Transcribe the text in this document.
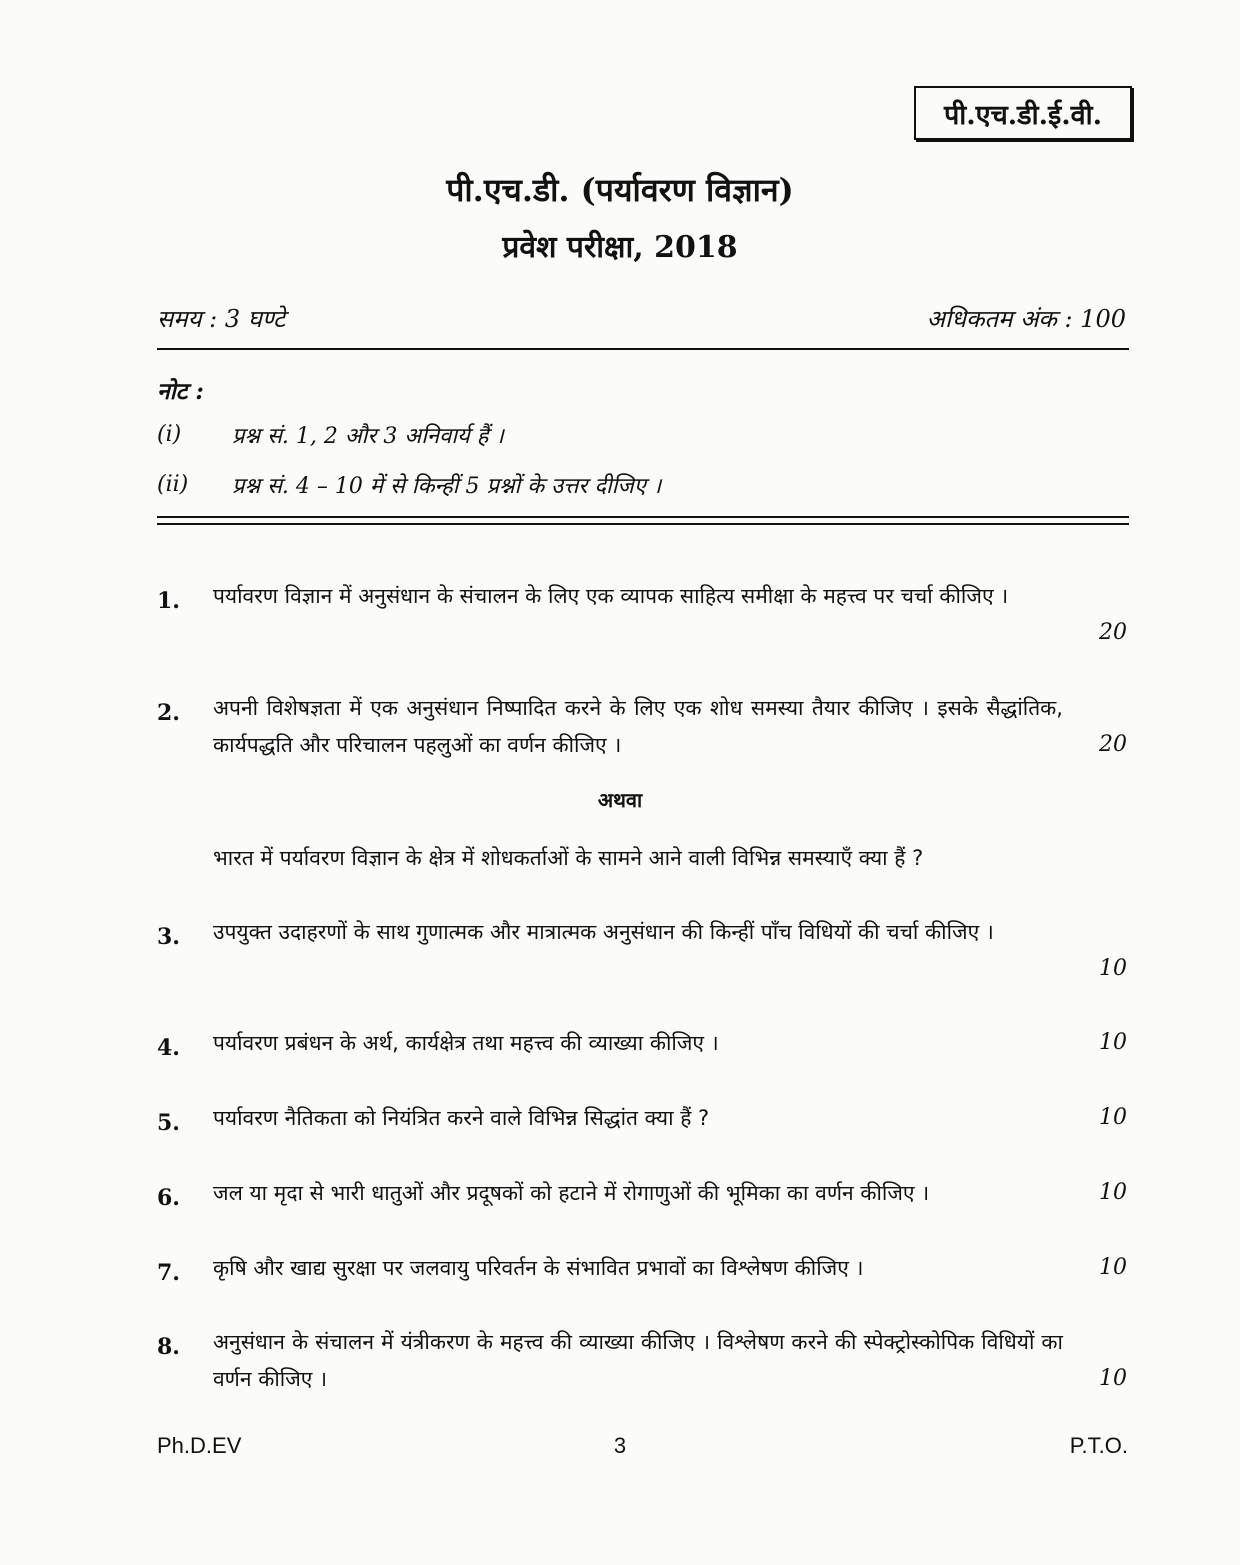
पी.एच.डी.ई.वी.
पी.एच.डी. (पर्यावरण विज्ञान)
प्रवेश परीक्षा, 2018
समय : 3 घण्टे	अधिकतम अंक : 100
नोट :
(i) प्रश्न सं. 1, 2 और 3 अनिवार्य हैं ।
(ii) प्रश्न सं. 4 – 10 में से किन्हीं 5 प्रश्नों के उत्तर दीजिए ।
1. पर्यावरण विज्ञान में अनुसंधान के संचालन के लिए एक व्यापक साहित्य समीक्षा के महत्त्व पर चर्चा कीजिए ।
20
2. अपनी विशेषज्ञता में एक अनुसंधान निष्पादित करने के लिए एक शोध समस्या तैयार कीजिए । इसके सैद्धांतिक, कार्यपद्धति और परिचालन पहलुओं का वर्णन कीजिए ।	20
अथवा
भारत में पर्यावरण विज्ञान के क्षेत्र में शोधकर्ताओं के सामने आने वाली विभिन्न समस्याएँ क्या हैं ?
3. उपयुक्त उदाहरणों के साथ गुणात्मक और मात्रात्मक अनुसंधान की किन्हीं पाँच विधियों की चर्चा कीजिए ।
10
4. पर्यावरण प्रबंधन के अर्थ, कार्यक्षेत्र तथा महत्त्व की व्याख्या कीजिए ।	10
5. पर्यावरण नैतिकता को नियंत्रित करने वाले विभिन्न सिद्धांत क्या हैं ?	10
6. जल या मृदा से भारी धातुओं और प्रदूषकों को हटाने में रोगाणुओं की भूमिका का वर्णन कीजिए ।	10
7. कृषि और खाद्य सुरक्षा पर जलवायु परिवर्तन के संभावित प्रभावों का विश्लेषण कीजिए ।	10
8. अनुसंधान के संचालन में यंत्रीकरण के महत्त्व की व्याख्या कीजिए । विश्लेषण करने की स्पेक्ट्रोस्कोपिक विधियों का वर्णन कीजिए ।	10
Ph.D.EV	3	P.T.O.
